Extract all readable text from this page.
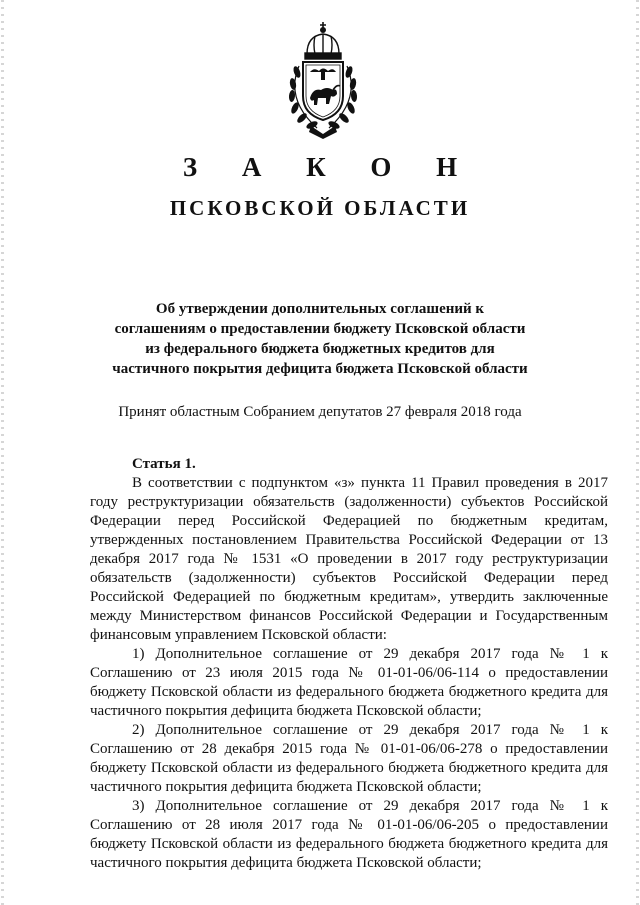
З А К О Н
ПСКОВСКОЙ ОБЛАСТИ
Об утверждении дополнительных соглашений к соглашениям о предоставлении бюджету Псковской области из федерального бюджета бюджетных кредитов для частичного покрытия дефицита бюджета Псковской области
Принят областным Собранием депутатов 27 февраля 2018 года

Статья 1.

В соответствии с подпунктом «з» пункта 11 Правил проведения в 2017 году реструктуризации обязательств (задолженности) субъектов Российской Федерации перед Российской Федерацией по бюджетным кредитам, утвержденных постановлением Правительства Российской Федерации от 13 декабря 2017 года № 1531 «О проведении в 2017 году реструктуризации обязательств (задолженности) субъектов Российской Федерации перед Российской Федерацией по бюджетным кредитам», утвердить заключенные между Министерством финансов Российской Федерации и Государственным финансовым управлением Псковской области:

1) Дополнительное соглашение от 29 декабря 2017 года № 1 к Соглашению от 23 июля 2015 года № 01-01-06/06-114 о предоставлении бюджету Псковской области из федерального бюджета бюджетного кредита для частичного покрытия дефицита бюджета Псковской области;

2) Дополнительное соглашение от 29 декабря 2017 года № 1 к Соглашению от 28 декабря 2015 года № 01-01-06/06-278 о предоставлении бюджету Псковской области из федерального бюджета бюджетного кредита для частичного покрытия дефицита бюджета Псковской области;

3) Дополнительное соглашение от 29 декабря 2017 года № 1 к Соглашению от 28 июля 2017 года № 01-01-06/06-205 о предоставлении бюджету Псковской области из федерального бюджета бюджетного кредита для частичного покрытия дефицита бюджета Псковской области;
